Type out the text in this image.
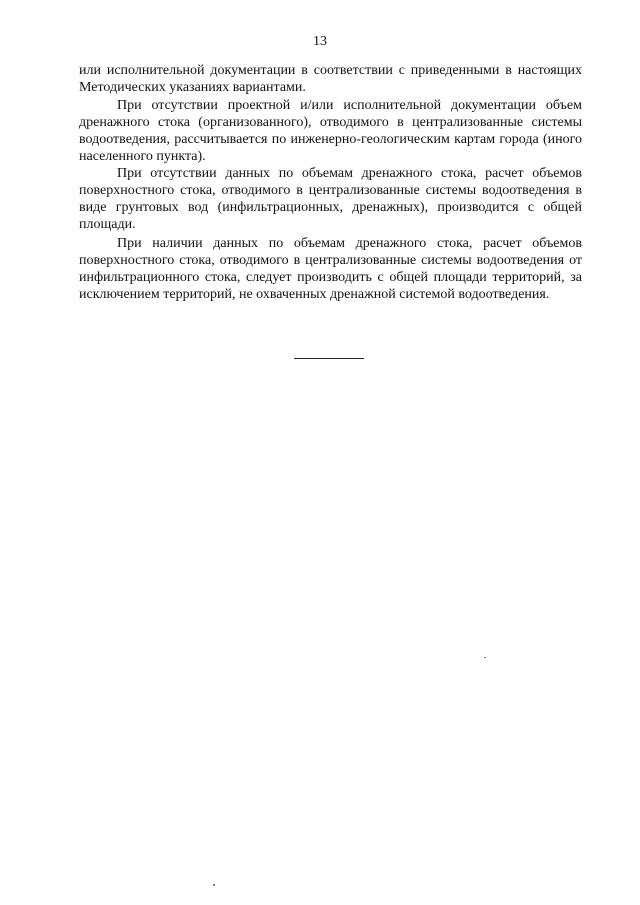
13

или исполнительной документации в соответствии с приведенными в настоящих Методических указаниях вариантами.

При отсутствии проектной и/или исполнительной документации объем дренажного стока (организованного), отводимого в централизованные системы водоотведения, рассчитывается по инженерно-геологическим картам города (иного населенного пункта).

При отсутствии данных по объемам дренажного стока, расчет объемов поверхностного стока, отводимого в централизованные системы водоотведения в виде грунтовых вод (инфильтрационных, дренажных), производится с общей площади.

При наличии данных по объемам дренажного стока, расчет объемов поверхностного стока, отводимого в централизованные системы водоотведения от инфильтрационного стока, следует производить с общей площади территорий, за исключением территорий, не охваченных дренажной системой водоотведения.
